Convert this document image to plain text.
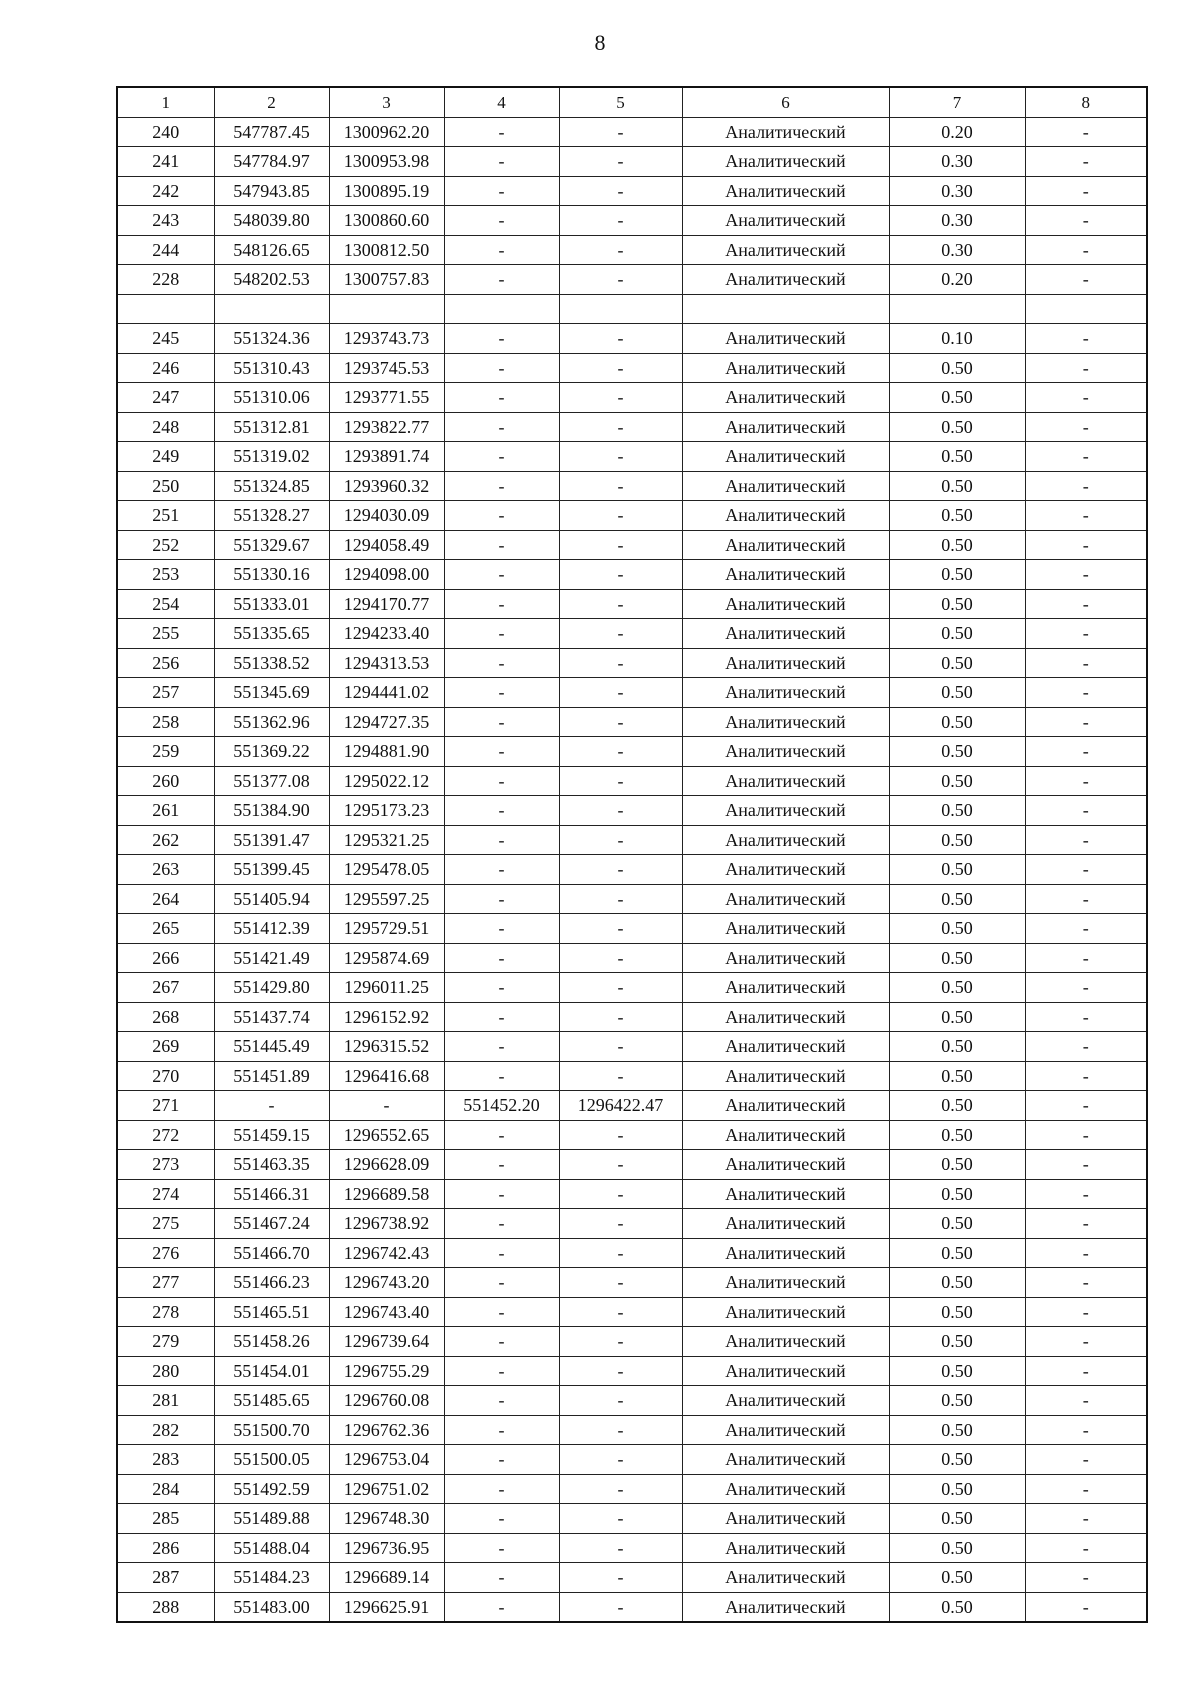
8
1	2	3	4	5	6	7	8
240	547787.45	1300962.20	-	-	Аналитический	0.20	-
241	547784.97	1300953.98	-	-	Аналитический	0.30	-
242	547943.85	1300895.19	-	-	Аналитический	0.30	-
243	548039.80	1300860.60	-	-	Аналитический	0.30	-
244	548126.65	1300812.50	-	-	Аналитический	0.30	-
228	548202.53	1300757.83	-	-	Аналитический	0.20	-

245	551324.36	1293743.73	-	-	Аналитический	0.10	-
246	551310.43	1293745.53	-	-	Аналитический	0.50	-
247	551310.06	1293771.55	-	-	Аналитический	0.50	-
248	551312.81	1293822.77	-	-	Аналитический	0.50	-
249	551319.02	1293891.74	-	-	Аналитический	0.50	-
250	551324.85	1293960.32	-	-	Аналитический	0.50	-
251	551328.27	1294030.09	-	-	Аналитический	0.50	-
252	551329.67	1294058.49	-	-	Аналитический	0.50	-
253	551330.16	1294098.00	-	-	Аналитический	0.50	-
254	551333.01	1294170.77	-	-	Аналитический	0.50	-
255	551335.65	1294233.40	-	-	Аналитический	0.50	-
256	551338.52	1294313.53	-	-	Аналитический	0.50	-
257	551345.69	1294441.02	-	-	Аналитический	0.50	-
258	551362.96	1294727.35	-	-	Аналитический	0.50	-
259	551369.22	1294881.90	-	-	Аналитический	0.50	-
260	551377.08	1295022.12	-	-	Аналитический	0.50	-
261	551384.90	1295173.23	-	-	Аналитический	0.50	-
262	551391.47	1295321.25	-	-	Аналитический	0.50	-
263	551399.45	1295478.05	-	-	Аналитический	0.50	-
264	551405.94	1295597.25	-	-	Аналитический	0.50	-
265	551412.39	1295729.51	-	-	Аналитический	0.50	-
266	551421.49	1295874.69	-	-	Аналитический	0.50	-
267	551429.80	1296011.25	-	-	Аналитический	0.50	-
268	551437.74	1296152.92	-	-	Аналитический	0.50	-
269	551445.49	1296315.52	-	-	Аналитический	0.50	-
270	551451.89	1296416.68	-	-	Аналитический	0.50	-
271	-	-	551452.20	1296422.47	Аналитический	0.50	-
272	551459.15	1296552.65	-	-	Аналитический	0.50	-
273	551463.35	1296628.09	-	-	Аналитический	0.50	-
274	551466.31	1296689.58	-	-	Аналитический	0.50	-
275	551467.24	1296738.92	-	-	Аналитический	0.50	-
276	551466.70	1296742.43	-	-	Аналитический	0.50	-
277	551466.23	1296743.20	-	-	Аналитический	0.50	-
278	551465.51	1296743.40	-	-	Аналитический	0.50	-
279	551458.26	1296739.64	-	-	Аналитический	0.50	-
280	551454.01	1296755.29	-	-	Аналитический	0.50	-
281	551485.65	1296760.08	-	-	Аналитический	0.50	-
282	551500.70	1296762.36	-	-	Аналитический	0.50	-
283	551500.05	1296753.04	-	-	Аналитический	0.50	-
284	551492.59	1296751.02	-	-	Аналитический	0.50	-
285	551489.88	1296748.30	-	-	Аналитический	0.50	-
286	551488.04	1296736.95	-	-	Аналитический	0.50	-
287	551484.23	1296689.14	-	-	Аналитический	0.50	-
288	551483.00	1296625.91	-	-	Аналитический	0.50	-
